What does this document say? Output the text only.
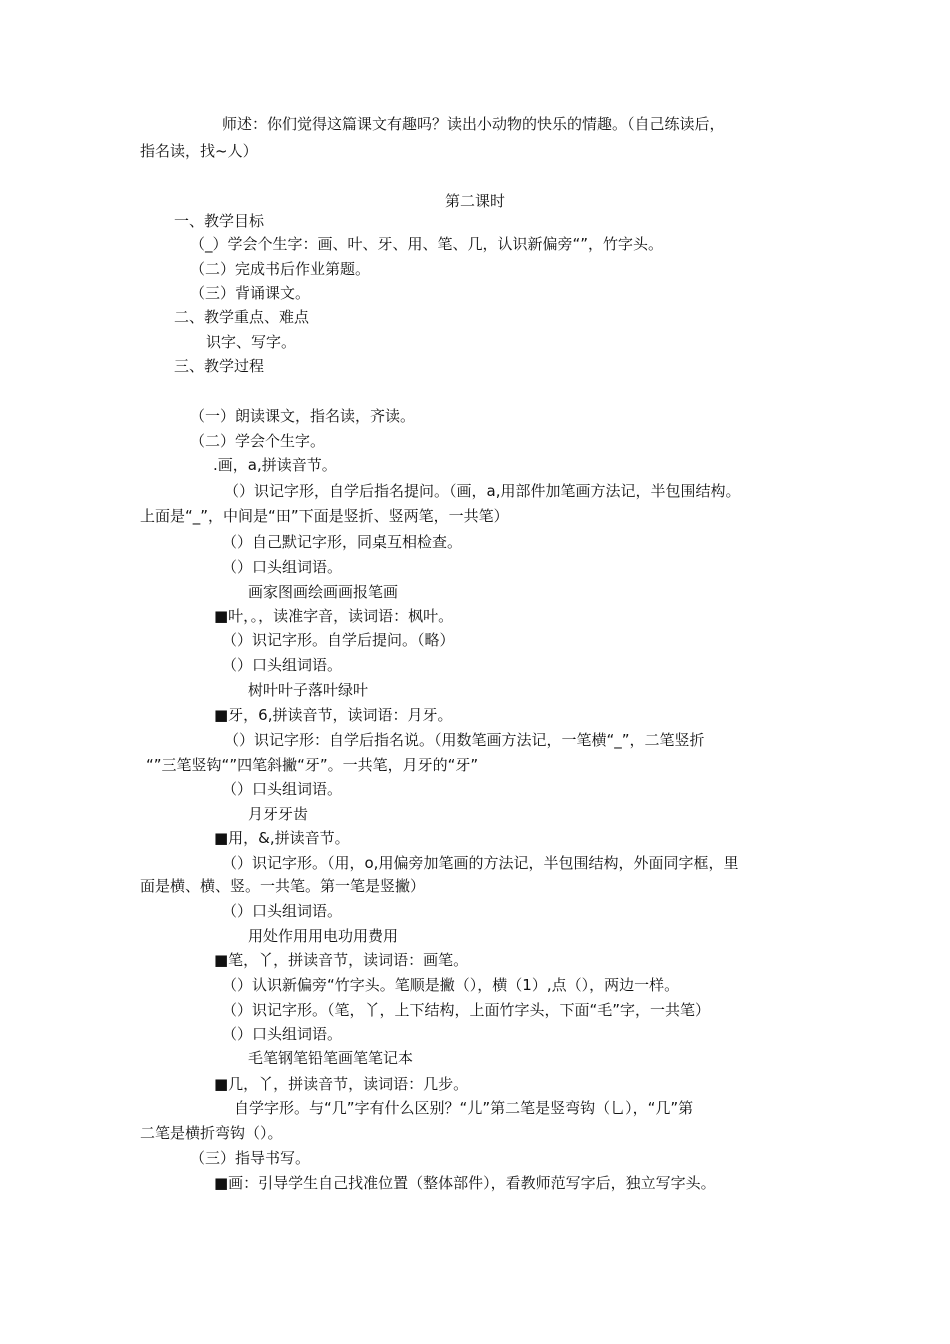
师述：你们觉得这篇课文有趣吗？读出小动物的快乐的情趣。（自己练读后，
指名读，找~人）
第二课时
一、教学目标
（_）学会个生字：画、叶、牙、用、笔、几，认识新偏旁“”，竹字头。
（二）完成书后作业第题。
（三）背诵课文。
二、教学重点、难点
识字、写字。
三、教学过程
（一）朗读课文，指名读，齐读。
（二）学会个生字。
.画，a,拼读音节。
（）识记字形，自学后指名提问。（画，a,用部件加笔画方法记，半包围结构。
上面是“_”，中间是“田”下面是竖折、竖两笔，一共笔）
（）自己默记字形，同桌互相检查。
（）口头组词语。
画家图画绘画画报笔画
■叶，。，读准字音，读词语：枫叶。
（）识记字形。自学后提问。（略）
（）口头组词语。
树叶叶子落叶绿叶
■牙，6,拼读音节，读词语：月牙。
（）识记字形：自学后指名说。（用数笔画方法记，一笔横“_”，二笔竖折
“”三笔竖钩“”四笔斜撇“牙”。一共笔，月牙的“牙”
（）口头组词语。
月牙牙齿
■用，&,拼读音节。
（）识记字形。（用，o,用偏旁加笔画的方法记，半包围结构，外面同字框，里
面是横、横、竖。一共笔。第一笔是竖撇）
（）口头组词语。
用处作用用电功用费用
■笔，丫，拼读音节，读词语：画笔。
（）认识新偏旁“竹字头。笔顺是撇（），横（1）,点（），两边一样。
（）识记字形。（笔，丫，上下结构，上面竹字头，下面“毛”字，一共笔）
（）口头组词语。
毛笔钢笔铅笔画笔笔记本
■几，丫，拼读音节，读词语：几步。
自学字形。与“几”字有什么区别？“儿”第二笔是竖弯钩（乚），“几”第
二笔是横折弯钩（）。
（三）指导书写。
■画：引导学生自己找准位置（整体部件），看教师范写字后，独立写字头。
